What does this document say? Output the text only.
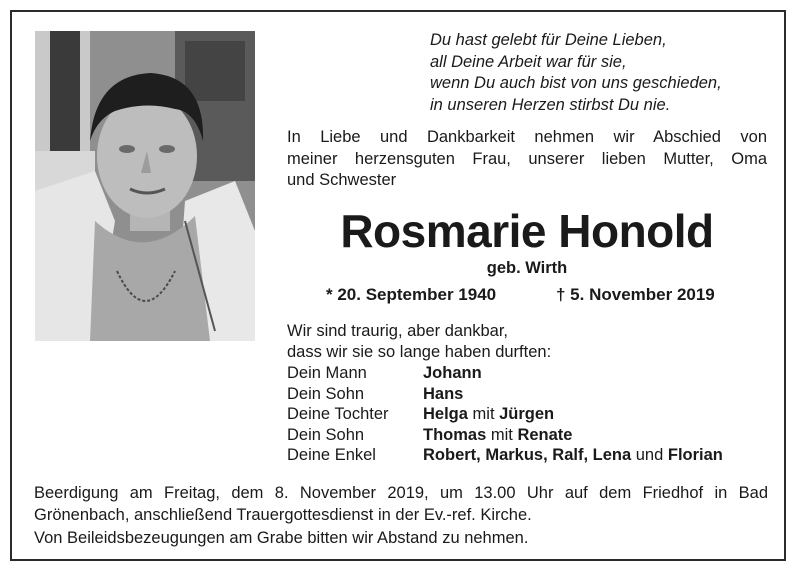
Du hast gelebt für Deine Lieben,
all Deine Arbeit war für sie,
wenn Du auch bist von uns geschieden,
in unseren Herzen stirbst Du nie.
In Liebe und Dankbarkeit nehmen wir Abschied von
meiner herzensguten Frau, unserer lieben Mutter, Oma
und Schwester
Rosmarie Honold
geb. Wirth
* 20. September 1940	† 5. November 2019
Wir sind traurig, aber dankbar,
dass wir sie so lange haben durften:
Dein Mann	Johann
Dein Sohn	Hans
Deine Tochter	Helga mit Jürgen
Dein Sohn	Thomas mit Renate
Deine Enkel	Robert, Markus, Ralf, Lena und Florian
Beerdigung am Freitag, dem 8. November 2019, um 13.00 Uhr auf dem Friedhof in Bad Grönenbach, anschließend Trauergottesdienst in der Ev.-ref. Kirche.
Von Beileidsbezeugungen am Grabe bitten wir Abstand zu nehmen.
